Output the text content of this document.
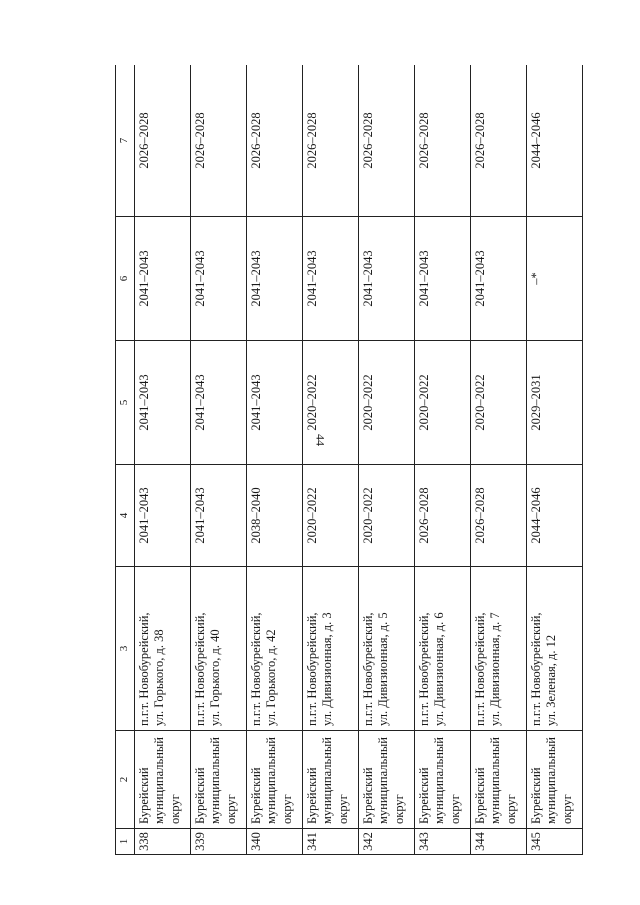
44
1	2	3	4	5	6	7
338	Бурейский муниципальный округ	п.г.т. Новобурейский, ул. Горького, д. 38	2041–2043	2041–2043	2041–2043	2026–2028
339	Бурейский муниципальный округ	п.г.т. Новобурейский, ул. Горького, д. 40	2041–2043	2041–2043	2041–2043	2026–2028
340	Бурейский муниципальный округ	п.г.т. Новобурейский, ул. Горького, д. 42	2038–2040	2041–2043	2041–2043	2026–2028
341	Бурейский муниципальный округ	п.г.т. Новобурейский, ул. Дивизионная, д. 3	2020–2022	2020–2022	2041–2043	2026–2028
342	Бурейский муниципальный округ	п.г.т. Новобурейский, ул. Дивизионная, д. 5	2020–2022	2020–2022	2041–2043	2026–2028
343	Бурейский муниципальный округ	п.г.т. Новобурейский, ул. Дивизионная, д. 6	2026–2028	2020–2022	2041–2043	2026–2028
344	Бурейский муниципальный округ	п.г.т. Новобурейский, ул. Дивизионная, д. 7	2026–2028	2020–2022	2041–2043	2026–2028
345	Бурейский муниципальный округ	п.г.т. Новобурейский, ул. Зеленая, д. 12	2044–2046	2029–2031	–*	2044–2046
